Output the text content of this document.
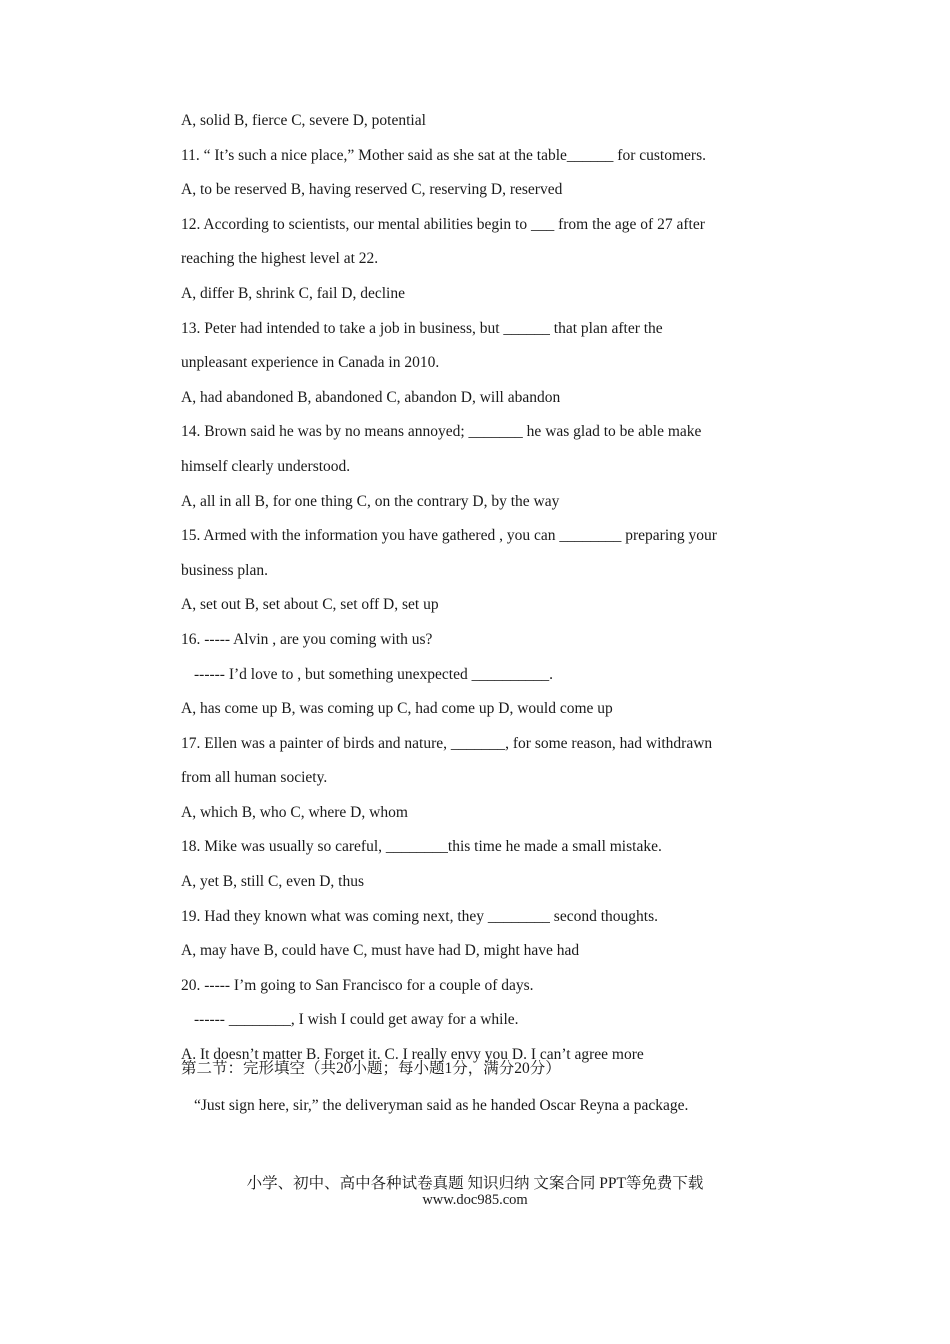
A, solid B, fierce C, severe D, potential
11. “ It’s such a nice place,” Mother said as she sat at the table______ for customers.
A, to be reserved B, having reserved C, reserving D, reserved
12. According to scientists, our mental abilities begin to ___ from the age of 27 after
reaching the highest level at 22.
A, differ B, shrink C, fail D, decline
13. Peter had intended to take a job in business, but ______ that plan after the
unpleasant experience in Canada in 2010.
A, had abandoned B, abandoned C, abandon D, will abandon
14. Brown said he was by no means annoyed; _______ he was glad to be able make
himself clearly understood.
A, all in all B, for one thing C, on the contrary D, by the way
15. Armed with the information you have gathered , you can ________ preparing your
business plan.
A, set out B, set about C, set off D, set up
16. ----- Alvin , are you coming with us?
------ I’d love to , but something unexpected __________.
A, has come up B, was coming up C, had come up D, would come up
17. Ellen was a painter of birds and nature, _______, for some reason, had withdrawn
from all human society.
A, which B, who C, where D, whom
18. Mike was usually so careful, ________this time he made a small mistake.
A, yet B, still C, even D, thus
19. Had they known what was coming next, they ________ second thoughts.
A, may have B, could have C, must have had D, might have had
20. ----- I’m going to San Francisco for a couple of days.
------ ________, I wish I could get away for a while.
A. It doesn’t matter B. Forget it. C. I really envy you D. I can’t agree more
第二节：完形填空（共20小题；每小题1分，满分20分）
“Just sign here, sir,” the deliveryman said as he handed Oscar Reyna a package.
小学、初中、高中各种试卷真题 知识归纳 文案合同 PPT等免费下载
www.doc985.com
